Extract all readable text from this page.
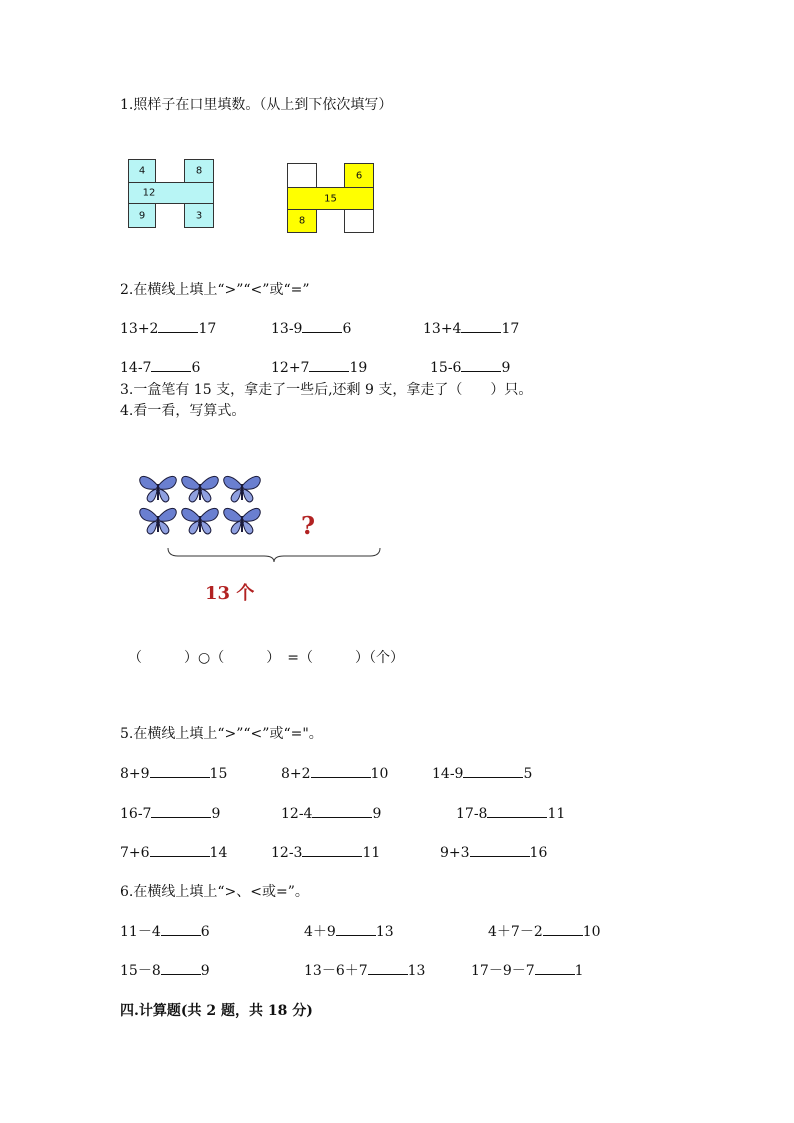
1.照样子在口里填数。（从上到下依次填写）
4	8
12
9	3
6
15
8
2.在横线上填上“>”“<”或“=”
13+2	17	13-9	6	13+4	17
14-7	6	12+7	19	15-6	9
3.一盒笔有 15 支，拿走了一些后,还剩 9 支，拿走了（　　）只。
4.看一看，写算式。
?
13 个
（　　　）○（　　　）　=（　　　）（个）
5.在横线上填上“>”“<”或“="。
8+9	15	8+2	10	14-9	5
16-7	9	12-4	9	17-8	11
7+6	14	12-3	11	9+3	16
6.在横线上填上“>、<或=”。
11－4	6	4＋9	13	4＋7－2	10
15－8	9	13－6＋7	13	17－9－7	1
四.计算题(共 2 题，共 18 分)
